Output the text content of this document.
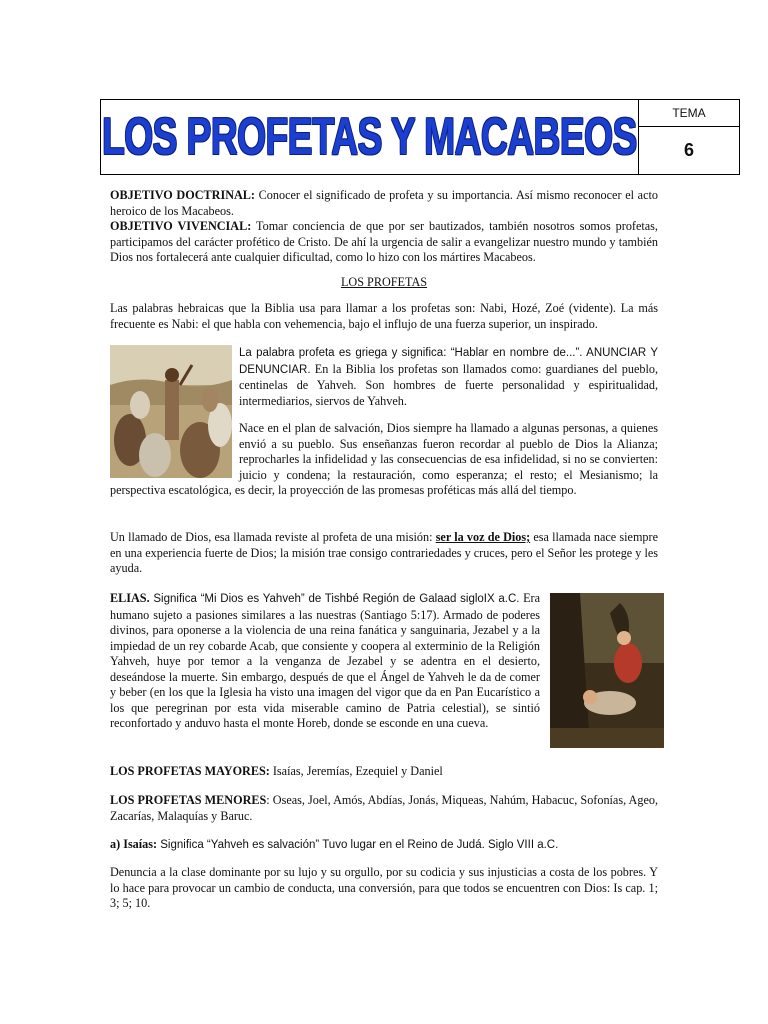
LOS PROFETAS Y MACABEOS	TEMA
6

OBJETIVO DOCTRINAL: Conocer el significado de profeta y su importancia. Así mismo reconocer el acto heroico de los Macabeos.
OBJETIVO VIVENCIAL: Tomar conciencia de que por ser bautizados, también nosotros somos profetas, participamos del carácter profético de Cristo. De ahí la urgencia de salir a evangelizar nuestro mundo y también Dios nos fortalecerá ante cualquier dificultad, como lo hizo con los mártires Macabeos.

LOS PROFETAS

Las palabras hebraicas que la Biblia usa para llamar a los profetas son: Nabi, Hozé, Zoé (vidente). La más frecuente es Nabi: el que habla con vehemencia, bajo el influjo de una fuerza superior, un inspirado.

La palabra profeta es griega y significa: “Hablar en nombre de...”. ANUNCIAR Y DENUNCIAR. En la Biblia los profetas son llamados como: guardianes del pueblo, centinelas de Yahveh. Son hombres de fuerte personalidad y espiritualidad, intermediarios, siervos de Yahveh.

Nace en el plan de salvación, Dios siempre ha llamado a algunas personas, a quienes envió a su pueblo. Sus enseñanzas fueron recordar al pueblo de Dios la Alianza; reprocharles la infidelidad y las consecuencias de esa infidelidad, si no se convierten: juicio y condena; la restauración, como esperanza; el resto; el Mesianismo; la perspectiva escatológica, es decir, la proyección de las promesas proféticas más allá del tiempo.

Un llamado de Dios, esa llamada reviste al profeta de una misión: ser la voz de Dios; esa llamada nace siempre en una experiencia fuerte de Dios; la misión trae consigo contrariedades y cruces, pero el Señor les protege y les ayuda.

ELIAS. Significa “Mi Dios es Yahveh” de Tishbé Región de Galaad sigloIX a.C. Era humano sujeto a pasiones similares a las nuestras (Santiago 5:17). Armado de poderes divinos, para oponerse a la violencia de una reina fanática y sanguinaria, Jezabel y a la impiedad de un rey cobarde Acab, que consiente y coopera al exterminio de la Religión Yahveh, huye por temor a la venganza de Jezabel y se adentra en el desierto, deseándose la muerte. Sin embargo, después de que el Ángel de Yahveh le da de comer y beber (en los que la Iglesia ha visto una imagen del vigor que da en Pan Eucarístico a los que peregrinan por esta vida miserable camino de Patria celestial), se sintió reconfortado y anduvo hasta el monte Horeb, donde se esconde en una cueva.

LOS PROFETAS MAYORES: Isaías, Jeremías, Ezequiel y Daniel

LOS PROFETAS MENORES: Oseas, Joel, Amós, Abdías, Jonás, Miqueas, Nahúm, Habacuc, Sofonías, Ageo, Zacarías, Malaquías y Baruc.

a) Isaías: Significa “Yahveh es salvación” Tuvo lugar en el Reino de Judá. Siglo VIII a.C.

Denuncia a la clase dominante por su lujo y su orgullo, por su codicia y sus injusticias a costa de los pobres. Y lo hace para provocar un cambio de conducta, una conversión, para que todos se encuentren con Dios: Is cap. 1; 3; 5; 10.
